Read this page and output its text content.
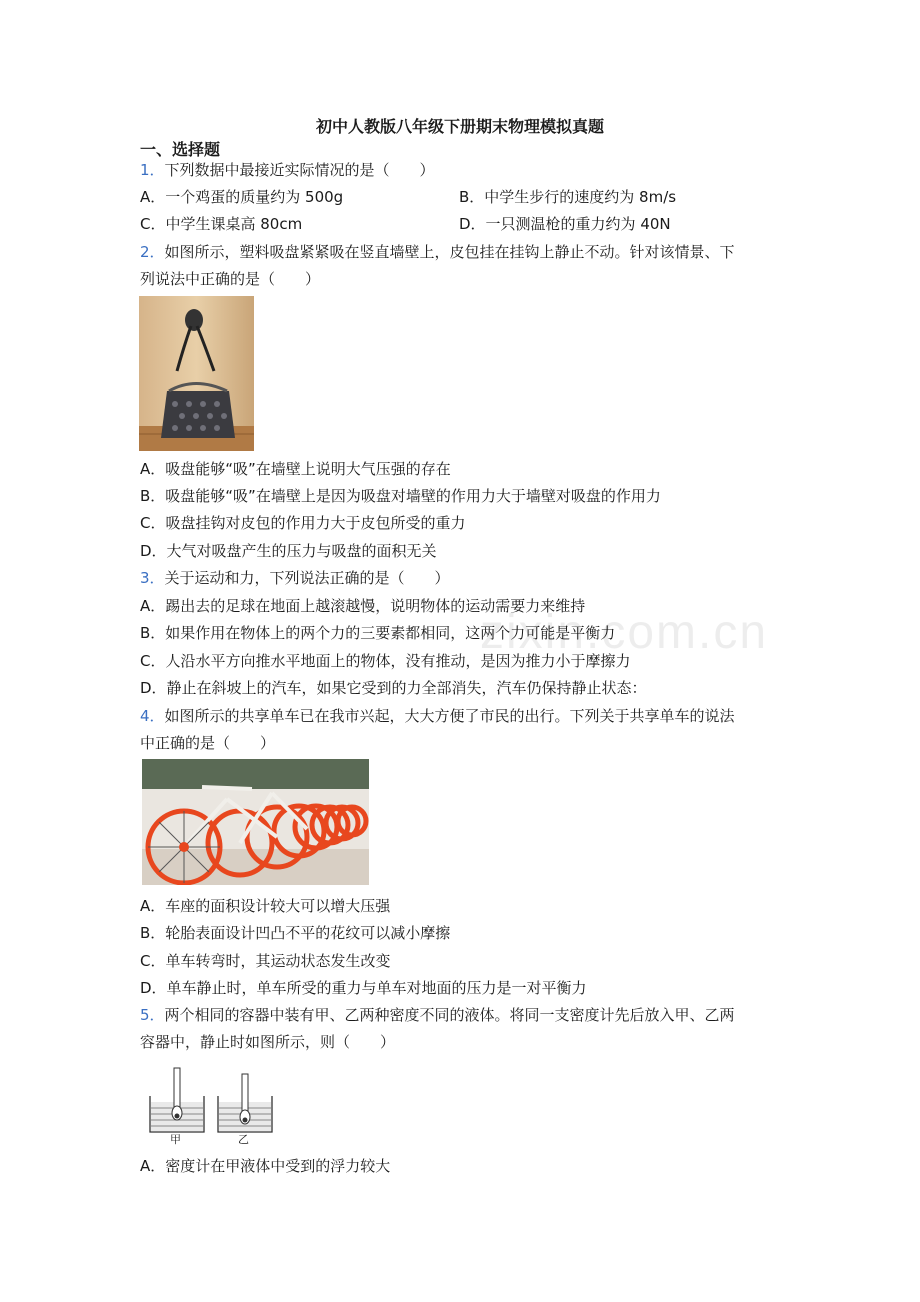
初中人教版八年级下册期末物理模拟真题
一、选择题
1．下列数据中最接近实际情况的是（　　）
A．一个鸡蛋的质量约为 500g	B．中学生步行的速度约为 8m/s
C．中学生课桌高 80cm	D．一只测温枪的重力约为 40N
2．如图所示，塑料吸盘紧紧吸在竖直墙壁上，皮包挂在挂钩上静止不动。针对该情景、下
列说法中正确的是（　　）
A．吸盘能够“吸”在墙壁上说明大气压强的存在
B．吸盘能够“吸”在墙壁上是因为吸盘对墙壁的作用力大于墙壁对吸盘的作用力
C．吸盘挂钩对皮包的作用力大于皮包所受的重力
D．大气对吸盘产生的压力与吸盘的面积无关
3．关于运动和力，下列说法正确的是（　　）
A．踢出去的足球在地面上越滚越慢，说明物体的运动需要力来维持
B．如果作用在物体上的两个力的三要素都相同，这两个力可能是平衡力
C．人沿水平方向推水平地面上的物体，没有推动，是因为推力小于摩擦力
D．静止在斜坡上的汽车，如果它受到的力全部消失，汽车仍保持静止状态：
zixin.com.cn
4．如图所示的共享单车已在我市兴起，大大方便了市民的出行。下列关于共享单车的说法
中正确的是（　　）
A．车座的面积设计较大可以增大压强
B．轮胎表面设计凹凸不平的花纹可以减小摩擦
C．单车转弯时，其运动状态发生改变
D．单车静止时，单车所受的重力与单车对地面的压力是一对平衡力
5．两个相同的容器中装有甲、乙两种密度不同的液体。将同一支密度计先后放入甲、乙两
容器中，静止时如图所示，则（　　）
甲	乙
A．密度计在甲液体中受到的浮力较大
